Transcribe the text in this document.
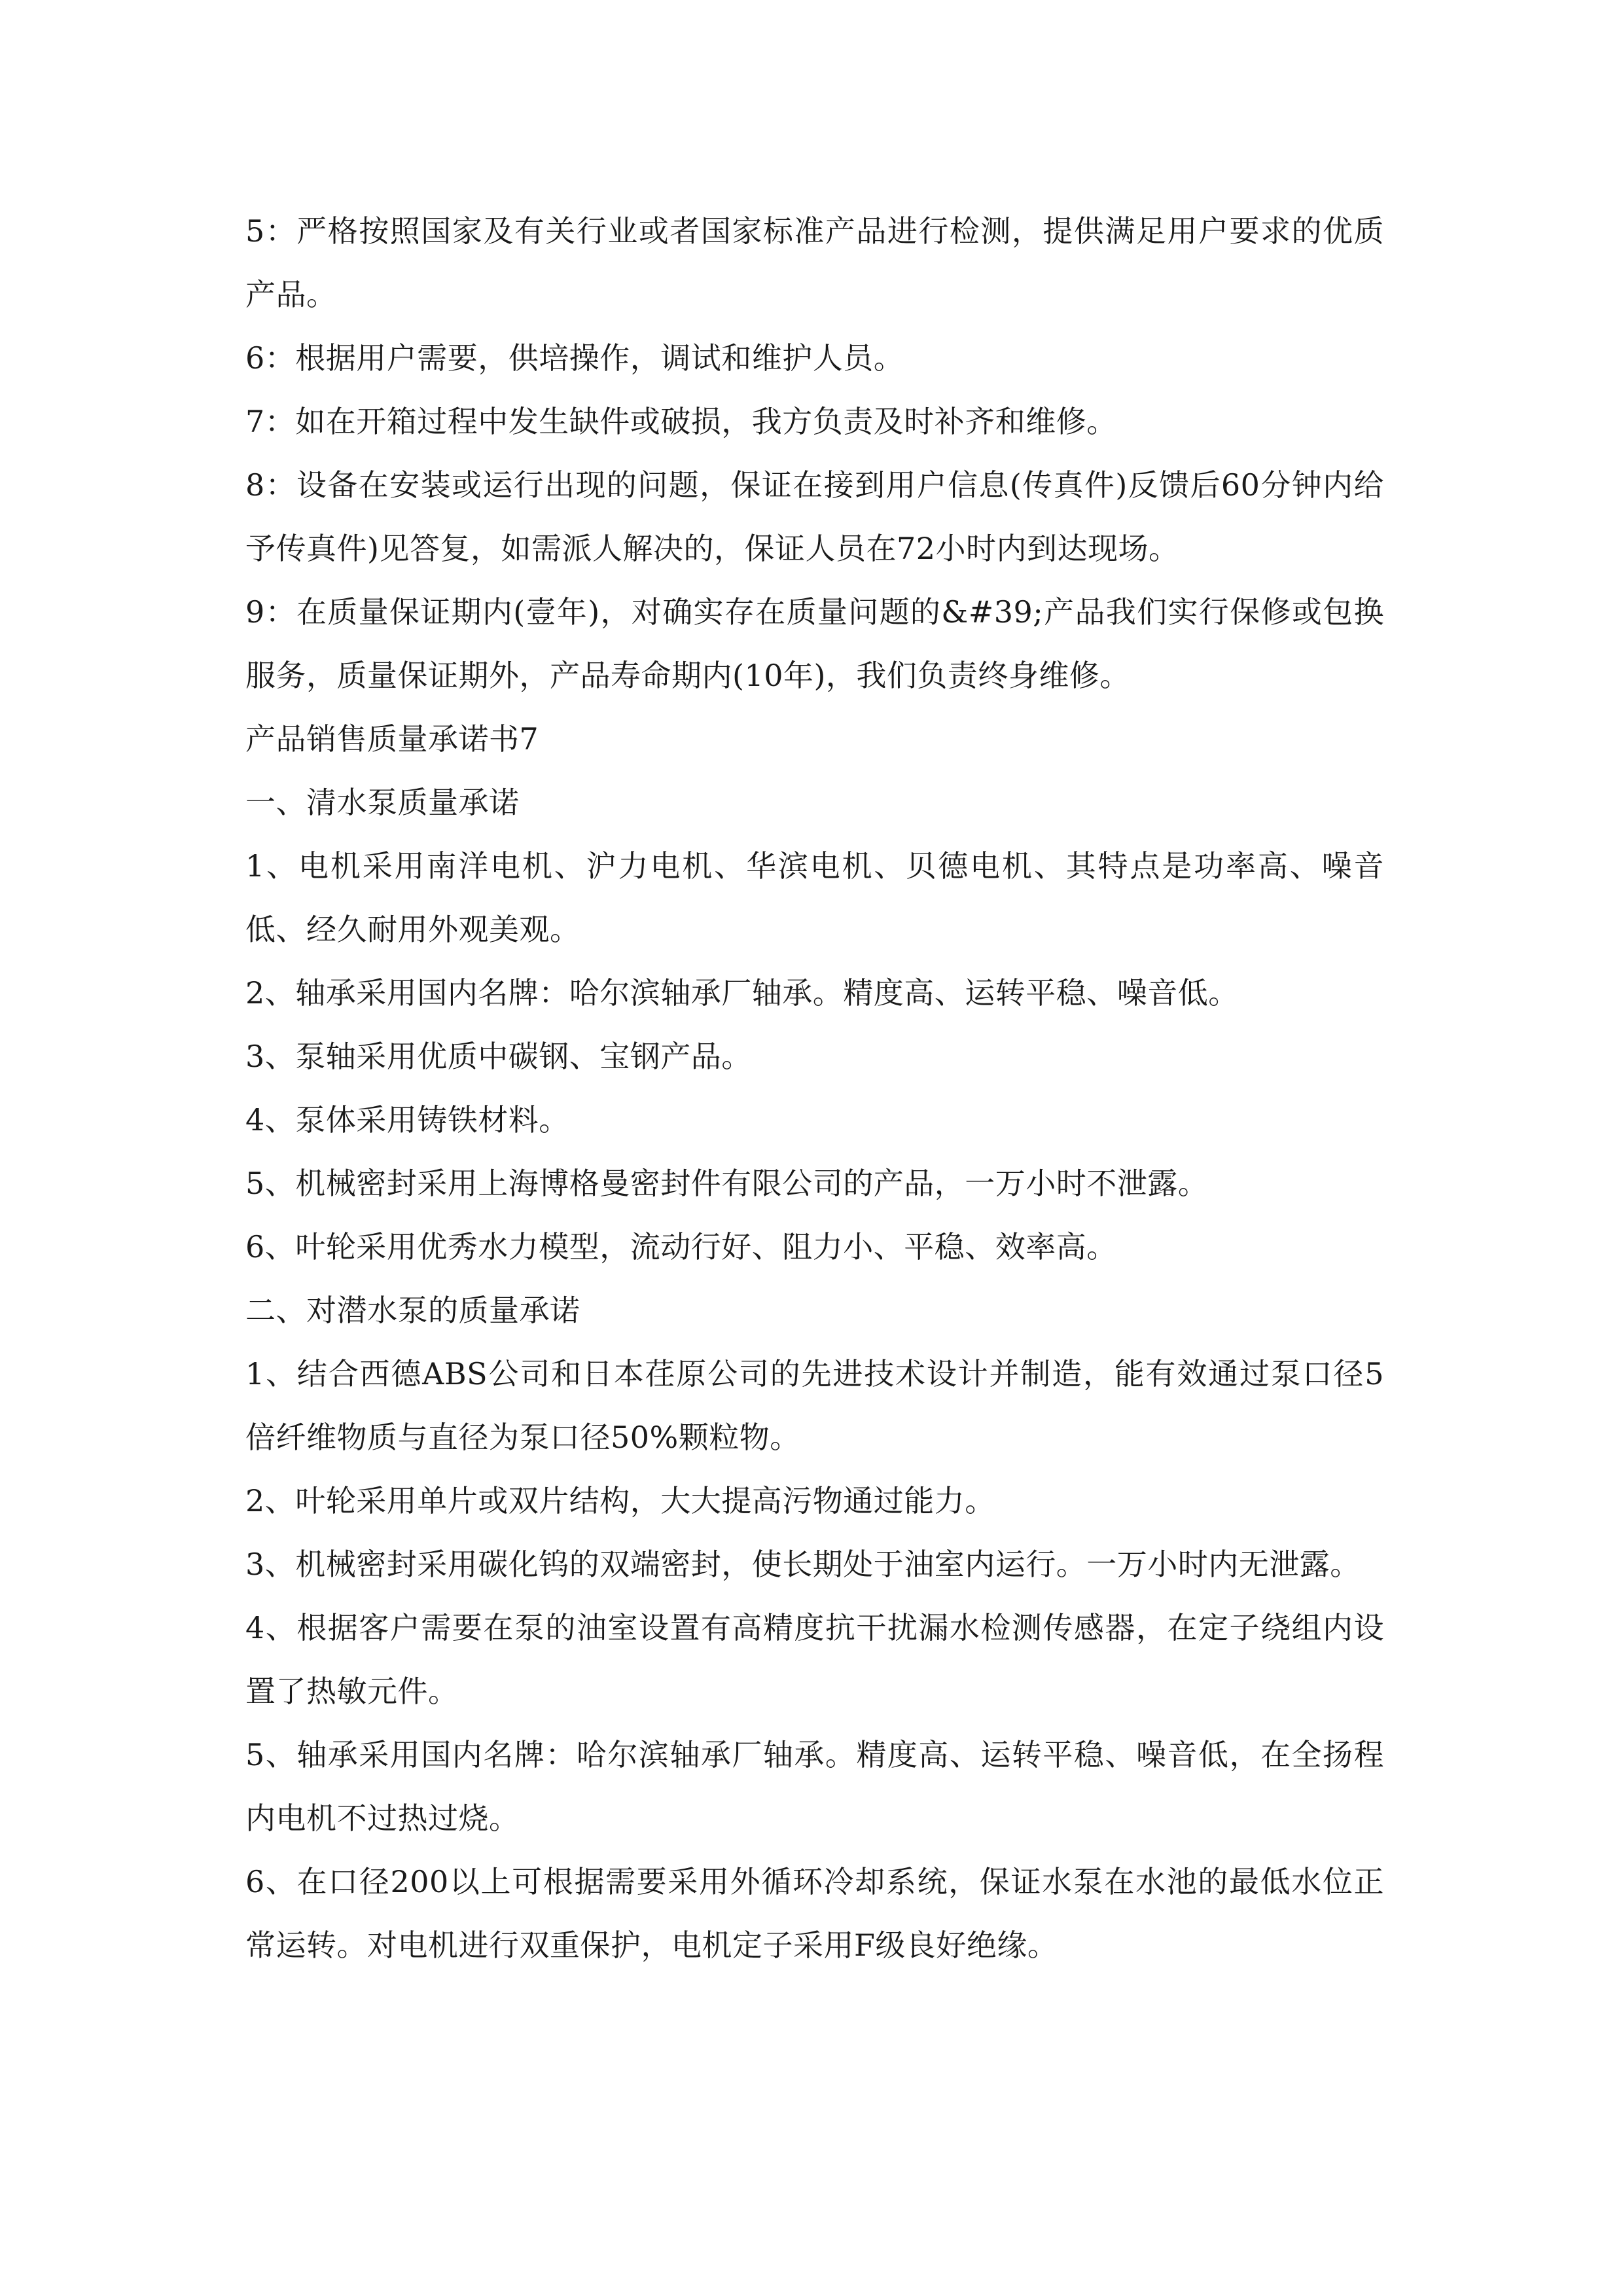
5：严格按照国家及有关行业或者国家标准产品进行检测，提供满足用户要求的优质产品。

6：根据用户需要，供培操作，调试和维护人员。

7：如在开箱过程中发生缺件或破损，我方负责及时补齐和维修。

8：设备在安装或运行出现的问题，保证在接到用户信息(传真件)反馈后60分钟内给予传真件)见答复，如需派人解决的，保证人员在72小时内到达现场。

9：在质量保证期内(壹年)，对确实存在质量问题的&#39;产品我们实行保修或包换服务，质量保证期外，产品寿命期内(10年)，我们负责终身维修。

产品销售质量承诺书7

一、清水泵质量承诺

1、电机采用南洋电机、沪力电机、华滨电机、贝德电机、其特点是功率高、噪音低、经久耐用外观美观。

2、轴承采用国内名牌：哈尔滨轴承厂轴承。精度高、运转平稳、噪音低。

3、泵轴采用优质中碳钢、宝钢产品。

4、泵体采用铸铁材料。

5、机械密封采用上海博格曼密封件有限公司的产品，一万小时不泄露。

6、叶轮采用优秀水力模型，流动行好、阻力小、平稳、效率高。

二、对潜水泵的质量承诺

1、结合西德ABS公司和日本荏原公司的先进技术设计并制造，能有效通过泵口径5倍纤维物质与直径为泵口径50%颗粒物。

2、叶轮采用单片或双片结构，大大提高污物通过能力。

3、机械密封采用碳化钨的双端密封，使长期处于油室内运行。一万小时内无泄露。

4、根据客户需要在泵的油室设置有高精度抗干扰漏水检测传感器，在定子绕组内设置了热敏元件。

5、轴承采用国内名牌：哈尔滨轴承厂轴承。精度高、运转平稳、噪音低，在全扬程内电机不过热过烧。

6、在口径200以上可根据需要采用外循环冷却系统，保证水泵在水池的最低水位正常运转。对电机进行双重保护，电机定子采用F级良好绝缘。
